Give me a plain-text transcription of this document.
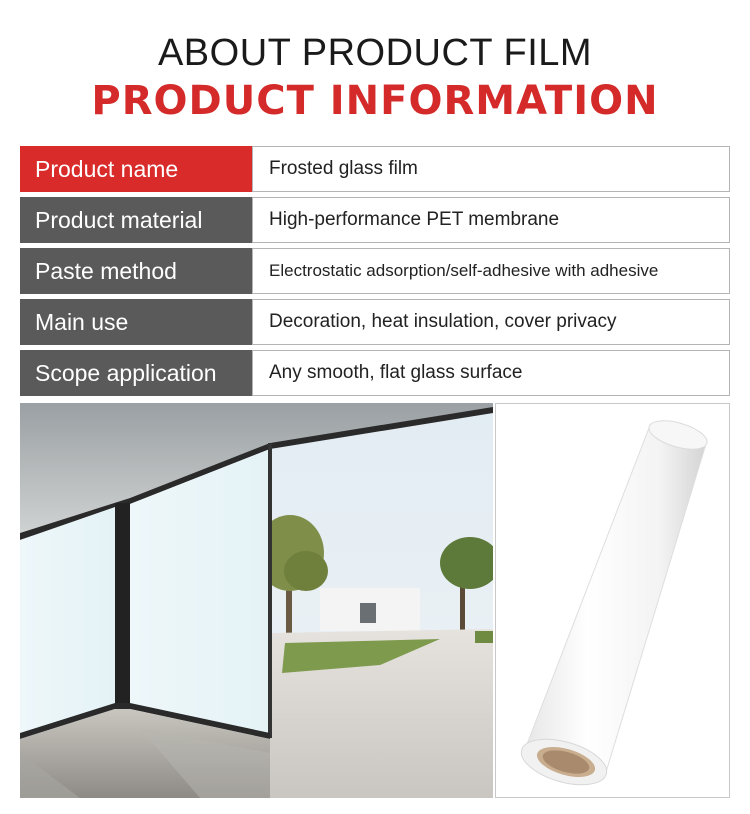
ABOUT PRODUCT FILM
PRODUCT INFORMATION
Product name	Frosted glass film
Product material	High-performance PET membrane
Paste method	Electrostatic adsorption/self-adhesive with adhesive
Main use	Decoration, heat insulation, cover privacy
Scope application	Any smooth, flat glass surface
